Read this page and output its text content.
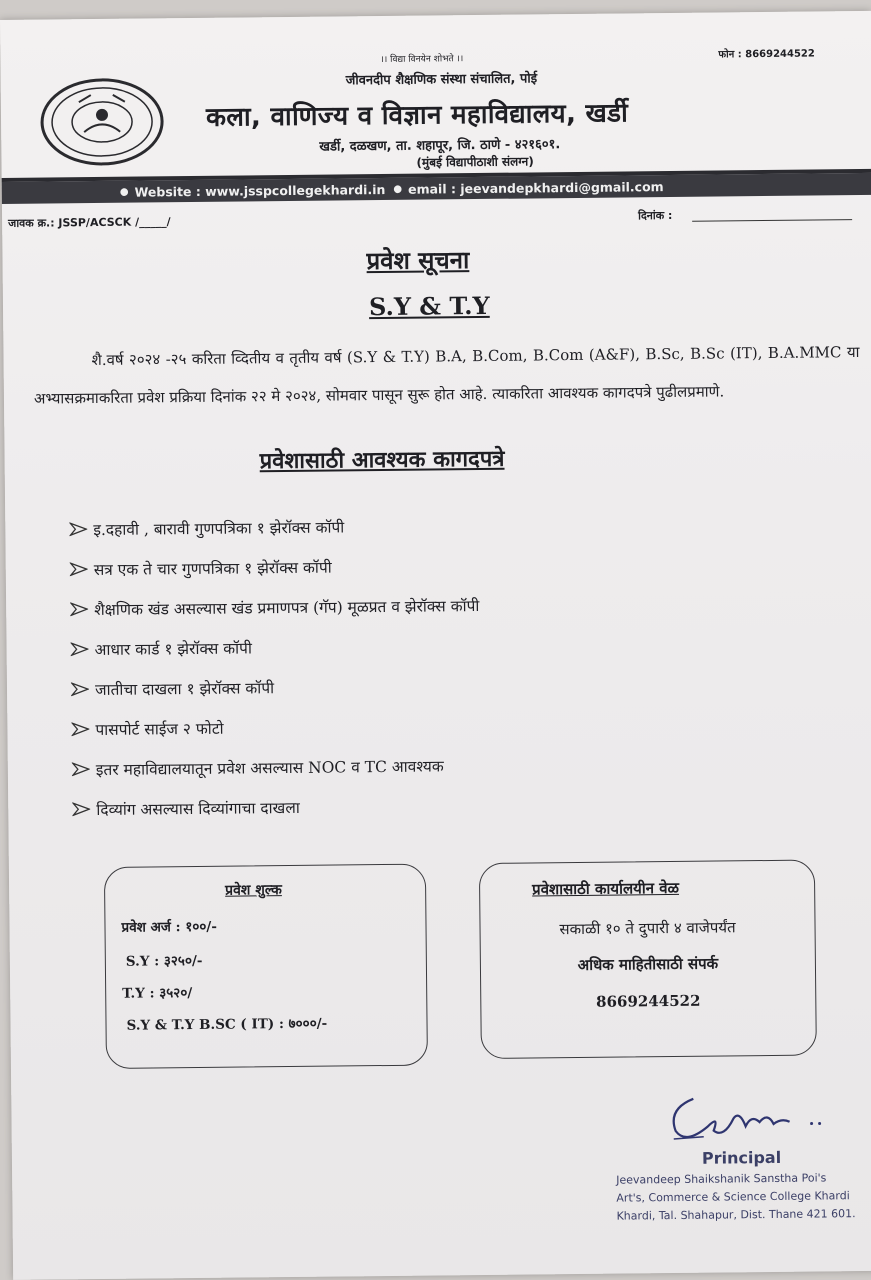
।। विद्या विनयेन शोभते ।।	फोन : 8669244522
जीवनदीप शैक्षणिक संस्था संचालित, पोई
कला, वाणिज्य व विज्ञान महाविद्यालय, खर्डी
खर्डी, दळखण, ता. शहापूर, जि. ठाणे - ४२१६०१.
(मुंबई विद्यापीठाशी संलग्न)
● Website : www.jsspcollegekhardi.in ● email : jeevandepkhardi@gmail.com
जावक क्र.: JSSP/ACSCK /_____/	दिनांक :
प्रवेश सूचना
S.Y & T.Y
शै.वर्ष २०२४ -२५ करिता व्दितीय व तृतीय वर्ष (S.Y & T.Y) B.A, B.Com, B.Com (A&F), B.Sc, B.Sc (IT), B.A.MMC या अभ्यासक्रमाकरिता प्रवेश प्रक्रिया दिनांक २२ मे २०२४, सोमवार पासून सुरू होत आहे. त्याकरिता आवश्यक कागदपत्रे पुढीलप्रमाणे.
प्रवेशासाठी आवश्यक कागदपत्रे
इ.दहावी , बारावी गुणपत्रिका १ झेरॉक्स कॉपी
सत्र एक ते चार गुणपत्रिका १ झेरॉक्स कॉपी
शैक्षणिक खंड असल्यास खंड प्रमाणपत्र (गॅप) मूळप्रत व झेरॉक्स कॉपी
आधार कार्ड १ झेरॉक्स कॉपी
जातीचा दाखला १ झेरॉक्स कॉपी
पासपोर्ट साईज २ फोटो
इतर महाविद्यालयातून प्रवेश असल्यास NOC व TC आवश्यक
दिव्यांग असल्यास दिव्यांगाचा दाखला
प्रवेश शुल्क
प्रवेश अर्ज : १००/-
S.Y : ३२५०/-
T.Y : ३५२०/
S.Y & T.Y B.SC ( IT) : ७०००/-
प्रवेशासाठी कार्यालयीन वेळ
सकाळी १० ते दुपारी ४ वाजेपर्यंत
अधिक माहितीसाठी संपर्क
8669244522
Principal
Jeevandeep Shaikshanik Sanstha Poi's
Art's, Commerce & Science College Khardi
Khardi, Tal. Shahapur, Dist. Thane 421 601.
